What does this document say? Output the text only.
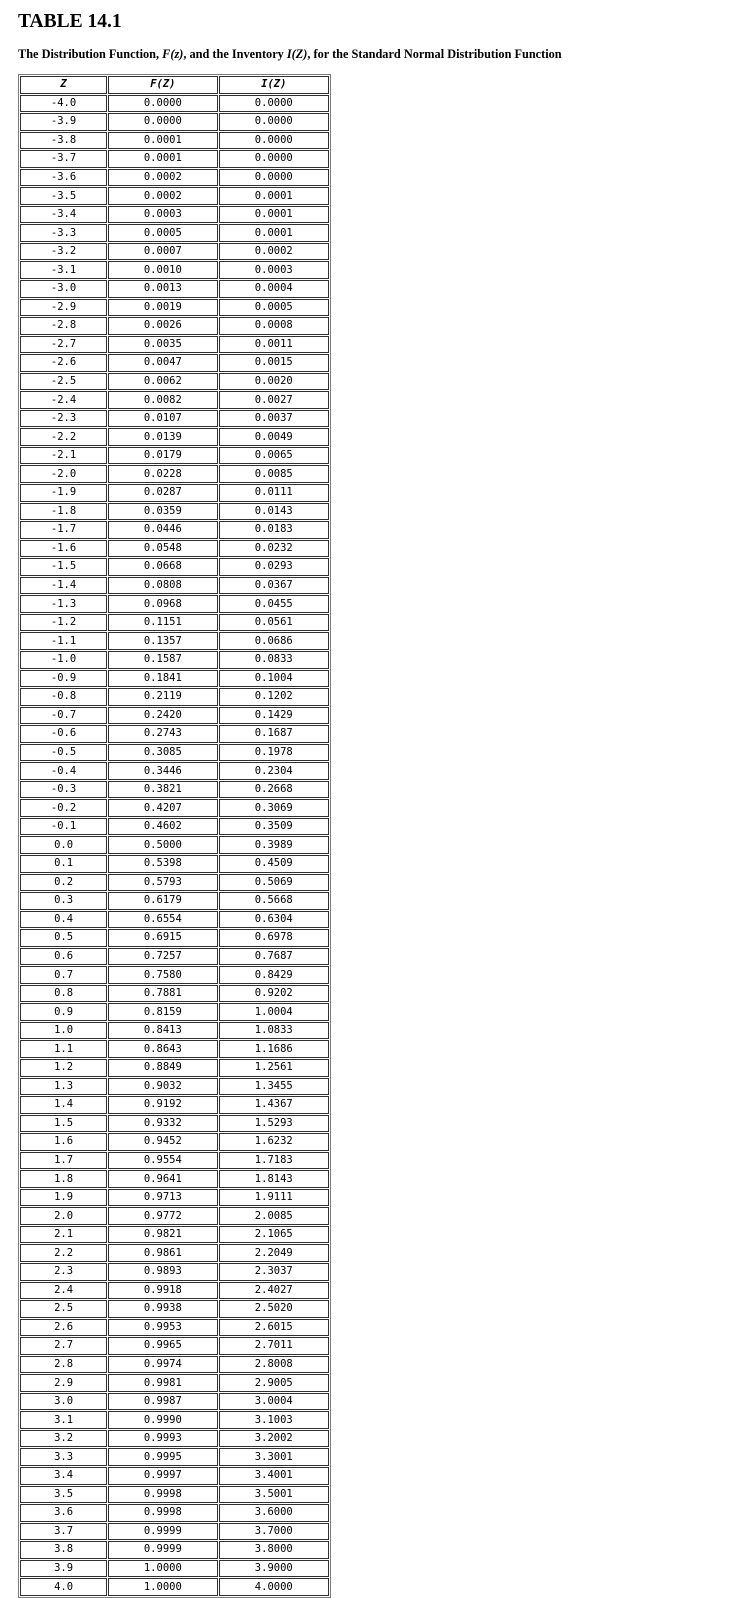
TABLE 14.1

The Distribution Function, F(z), and the Inventory I(Z), for the Standard Normal Distribution Function

Z	F(Z)	I(Z)
-4.0	0.0000	0.0000
-3.9	0.0000	0.0000
-3.8	0.0001	0.0000
-3.7	0.0001	0.0000
-3.6	0.0002	0.0000
-3.5	0.0002	0.0001
-3.4	0.0003	0.0001
-3.3	0.0005	0.0001
-3.2	0.0007	0.0002
-3.1	0.0010	0.0003
-3.0	0.0013	0.0004
-2.9	0.0019	0.0005
-2.8	0.0026	0.0008
-2.7	0.0035	0.0011
-2.6	0.0047	0.0015
-2.5	0.0062	0.0020
-2.4	0.0082	0.0027
-2.3	0.0107	0.0037
-2.2	0.0139	0.0049
-2.1	0.0179	0.0065
-2.0	0.0228	0.0085
-1.9	0.0287	0.0111
-1.8	0.0359	0.0143
-1.7	0.0446	0.0183
-1.6	0.0548	0.0232
-1.5	0.0668	0.0293
-1.4	0.0808	0.0367
-1.3	0.0968	0.0455
-1.2	0.1151	0.0561
-1.1	0.1357	0.0686
-1.0	0.1587	0.0833
-0.9	0.1841	0.1004
-0.8	0.2119	0.1202
-0.7	0.2420	0.1429
-0.6	0.2743	0.1687
-0.5	0.3085	0.1978
-0.4	0.3446	0.2304
-0.3	0.3821	0.2668
-0.2	0.4207	0.3069
-0.1	0.4602	0.3509
0.0	0.5000	0.3989
0.1	0.5398	0.4509
0.2	0.5793	0.5069
0.3	0.6179	0.5668
0.4	0.6554	0.6304
0.5	0.6915	0.6978
0.6	0.7257	0.7687
0.7	0.7580	0.8429
0.8	0.7881	0.9202
0.9	0.8159	1.0004
1.0	0.8413	1.0833
1.1	0.8643	1.1686
1.2	0.8849	1.2561
1.3	0.9032	1.3455
1.4	0.9192	1.4367
1.5	0.9332	1.5293
1.6	0.9452	1.6232
1.7	0.9554	1.7183
1.8	0.9641	1.8143
1.9	0.9713	1.9111
2.0	0.9772	2.0085
2.1	0.9821	2.1065
2.2	0.9861	2.2049
2.3	0.9893	2.3037
2.4	0.9918	2.4027
2.5	0.9938	2.5020
2.6	0.9953	2.6015
2.7	0.9965	2.7011
2.8	0.9974	2.8008
2.9	0.9981	2.9005
3.0	0.9987	3.0004
3.1	0.9990	3.1003
3.2	0.9993	3.2002
3.3	0.9995	3.3001
3.4	0.9997	3.4001
3.5	0.9998	3.5001
3.6	0.9998	3.6000
3.7	0.9999	3.7000
3.8	0.9999	3.8000
3.9	1.0000	3.9000
4.0	1.0000	4.0000
